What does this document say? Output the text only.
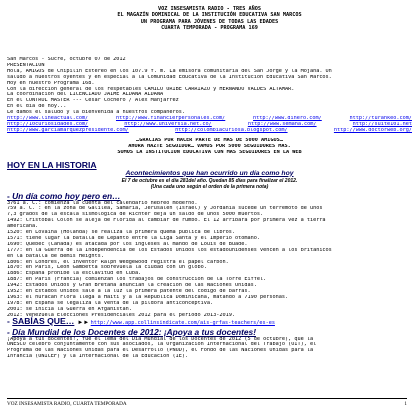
VOZ INSESAMISTA RADIO - TRES AÑOS
EL MAGAZÍN DOMINICAL DE LA INSTITUCIÓN EDUCATIVA SAN MARCOS
UN PROGRAMA PARA JÓVENES DE TODAS LAS EDADES
CUARTA TEMPORADA - PROGRAMA 169
San Marcos - Sucre, octubre 07 de 2012
PRESENTACION
Hola, AMIGOS de Chipilín Estéreo en los 107.9 f. m. La emisora comunitaria del San Jorge y la Mojana. Un
saludo a nuestros oyentes y en especial a la Comunidad Educativa de la Institución Educativa San Marcos.
Hoy en nuestro Programa 168.
Con la dirección general de los respetables CAMILO URIBE CARRIAZO y HERNANDO VALDES ALTAMAR.
La coordinación del LICENCIADO JAIME ALDANA ALDANA
En el CONTROL MASTER --- César Cochero / Alex Manjarrez
En el día de hoy...
Le damos el saludo y la bienvenida a nuestros compañeros.
http://www.lineactual.com/	http://www.financierpersonales.com/	http://www.dinero.com/	http://turankeo.com/
http://10curiosidades.com/	http://www.universia.net.co/	http://www.semana.com/	http://suite101.net
http://www.garciamarquezpresidente.com/	http://colombiacuriosa.blogspot.com/	http://www.doctorweb.org/
…GRACIAS POR HACER PARTE DE MÁS DE 5000 AMIGOS…
AHORA HAZTE SEGUIDOR… VAMOS POR 5000 SEGUIDORES MÁS.
SOMOS LA INSTITUCIÓN EDUCATIVA CON MÁS SEGUIDORES EN LA WEB
HOY EN LA HISTORIA
Acontecimientos que han ocurrido un día como hoy
El 7 de octubre es el día 281del año. Quedan 85 días para finalizar el 2012.
(Una cada uno según el orden de la primera nota)
- Un día como hoy pero en…
3761 a. C.: comienza la cuenta del calendario hebreo moderno.
759 a. C. : en la zona de Galilea, Samaria, Jerusalén (Israel) y Jordania sucede un terremoto de unos
7,3 grados de la escala sismológica de Richter deja un saldo de unos 5000 muertos.
1492: Cristóbal Colón se aleja de Florida al cambiar de rumbo. El 12 arribará por primera vez a tierra
americana.
1520: en Lovaina (Holanda) se realiza la primera quema pública de libros.
1571: tiene lugar la batalla de Lepanto entre la Liga Santa y el Imperio otomano.
1690: Quebec (Canadá) es atacada por los ingleses al mando de Louis de Buade.
1777: en la Guerra de la Independencia de los Estados Unidos los estadounidenses vencen a los británicos
en la batalla de Bemis Heights.
1806: en Londres, el inventor Ralph Wedgewood registra el papel carbón.
1870: en París, León Gambetta sobrevuela la ciudad con un globo.
1886: España prohíbe la esclavitud en Cuba.
1887: en París (Francia) comienzan los trabajos de construcción de la Torre Eiffel.
1942: Estados Unidos y Gran Bretaña anuncian la creación de las Naciones Unidas.
1952: en Estados Unidos sale a la luz la primera patente del código de barras.
1963: el huracán Flora llega a Haití y a la República Dominicana, matando a 7190 personas.
1978: en España se legaliza la venta de la píldora anticonceptiva.
2001: se inicia la Guerra en Afganistán.
2012: Venezuela Elecciones Presidenciales 2012 para el período 2013-2019.
- SABÍAS QUE… ►► http://www.app.collinsindicate.com/ais-grfas-teachers/es-es
- Día Mundial de los Docentes de 2012: ¡Apoya a tus docentes!
¡Apoya a tus docentes!, fue el lema del Día Mundial de los Docentes de 2012 (5 de octubre), que la
UNESCO celebró conjuntamente con sus asociados, la Organización Internacional del Trabajo (OIT), el
Programa de las Naciones Unidas para el Desarrollo (PNUD), el Fondo de las Naciones Unidas para la
Infancia (UNICEF) y la Internacional de la Educación (IE).
VOZ INSESAMISTA RADIO, CUARTA TEMPORADA	1
